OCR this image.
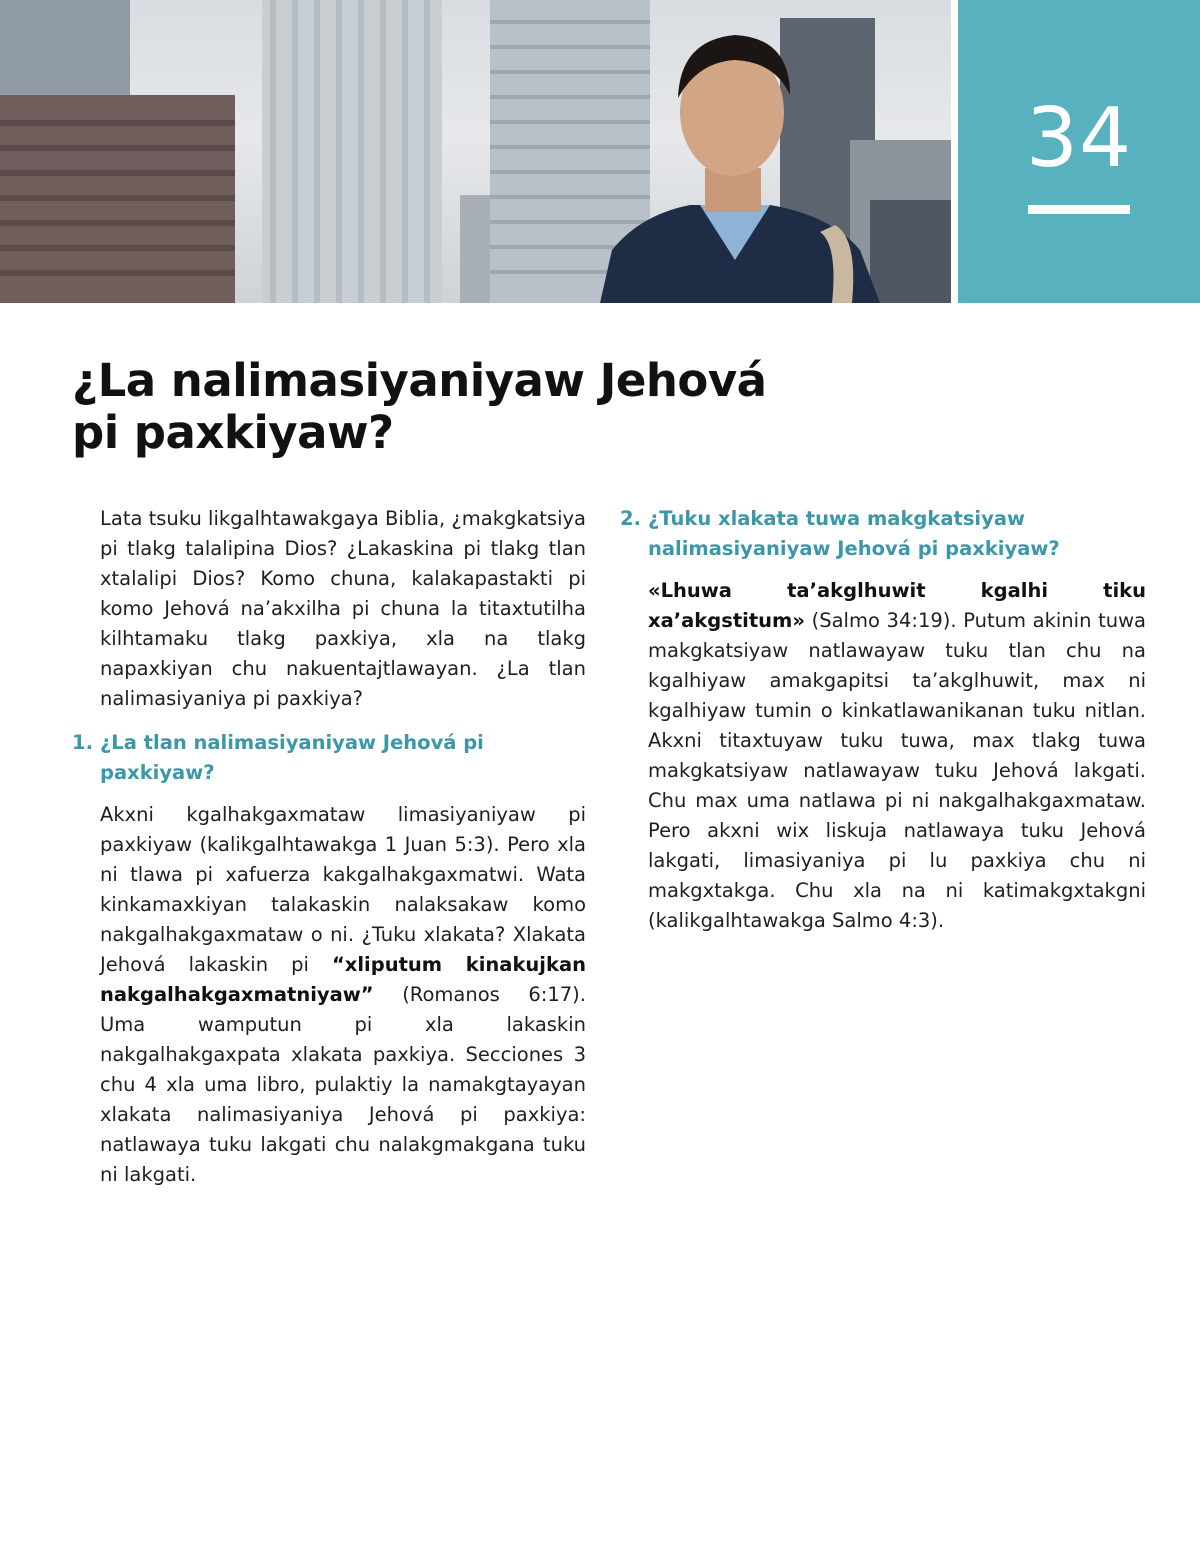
34
¿La nalimasiyaniyaw Jehová
pi paxkiyaw?

Lata tsuku likgalhtawakgaya Biblia, ¿makgkatsiya pi tlakg talalipina Dios? ¿Lakaskina pi tlakg tlan xtalalipi Dios? Komo chuna, kalakapastakti pi komo Jehová na’akxilha pi chuna la titaxtutilha kilhtamaku tlakg paxkiya, xla na tlakg napaxkiyan chu nakuentajtlawayan. ¿La tlan nalimasiyaniya pi paxkiya?

1. ¿La tlan nalimasiyaniyaw Jehová pi paxkiyaw?

Akxni kgalhakgaxmataw limasiyaniyaw pi paxkiyaw (kalikgalhtawakga 1 Juan 5:3). Pero xla ni tlawa pi xafuerza kakgalhakgaxmatwi. Wata kinkamaxkiyan talakaskin nalaksakaw komo nakgalhakgaxmataw o ni. ¿Tuku xlakata? Xlakata Jehová lakaskin pi “xliputum kinakujkan nakgalhakgaxmatniyaw” (Romanos 6:17). Uma wamputun pi xla lakaskin nakgalhakgaxpata xlakata paxkiya. Secciones 3 chu 4 xla uma libro, pulaktiy la namakgtayayan xlakata nalimasiyaniya Jehová pi paxkiya: natlawaya tuku lakgati chu nalakgmakgana tuku ni lakgati.

2. ¿Tuku xlakata tuwa makgkatsiyaw nalimasiyaniyaw Jehová pi paxkiyaw?

«Lhuwa ta’akglhuwit kgalhi tiku xa’akgstitum» (Salmo 34:19). Putum akinin tuwa makgkatsiyaw natlawayaw tuku tlan chu na kgalhiyaw amakgapitsi ta’akglhuwit, max ni kgalhiyaw tumin o kinkatlawanikanan tuku nitlan. Akxni titaxtuyaw tuku tuwa, max tlakg tuwa makgkatsiyaw natlawayaw tuku Jehová lakgati. Chu max uma natlawa pi ni nakgalhakgaxmataw. Pero akxni wix liskuja natlawaya tuku Jehová lakgati, limasiyaniya pi lu paxkiya chu ni makgxtakga. Chu xla na ni katimakgxtakgni (kalikgalhtawakga Salmo 4:3).
